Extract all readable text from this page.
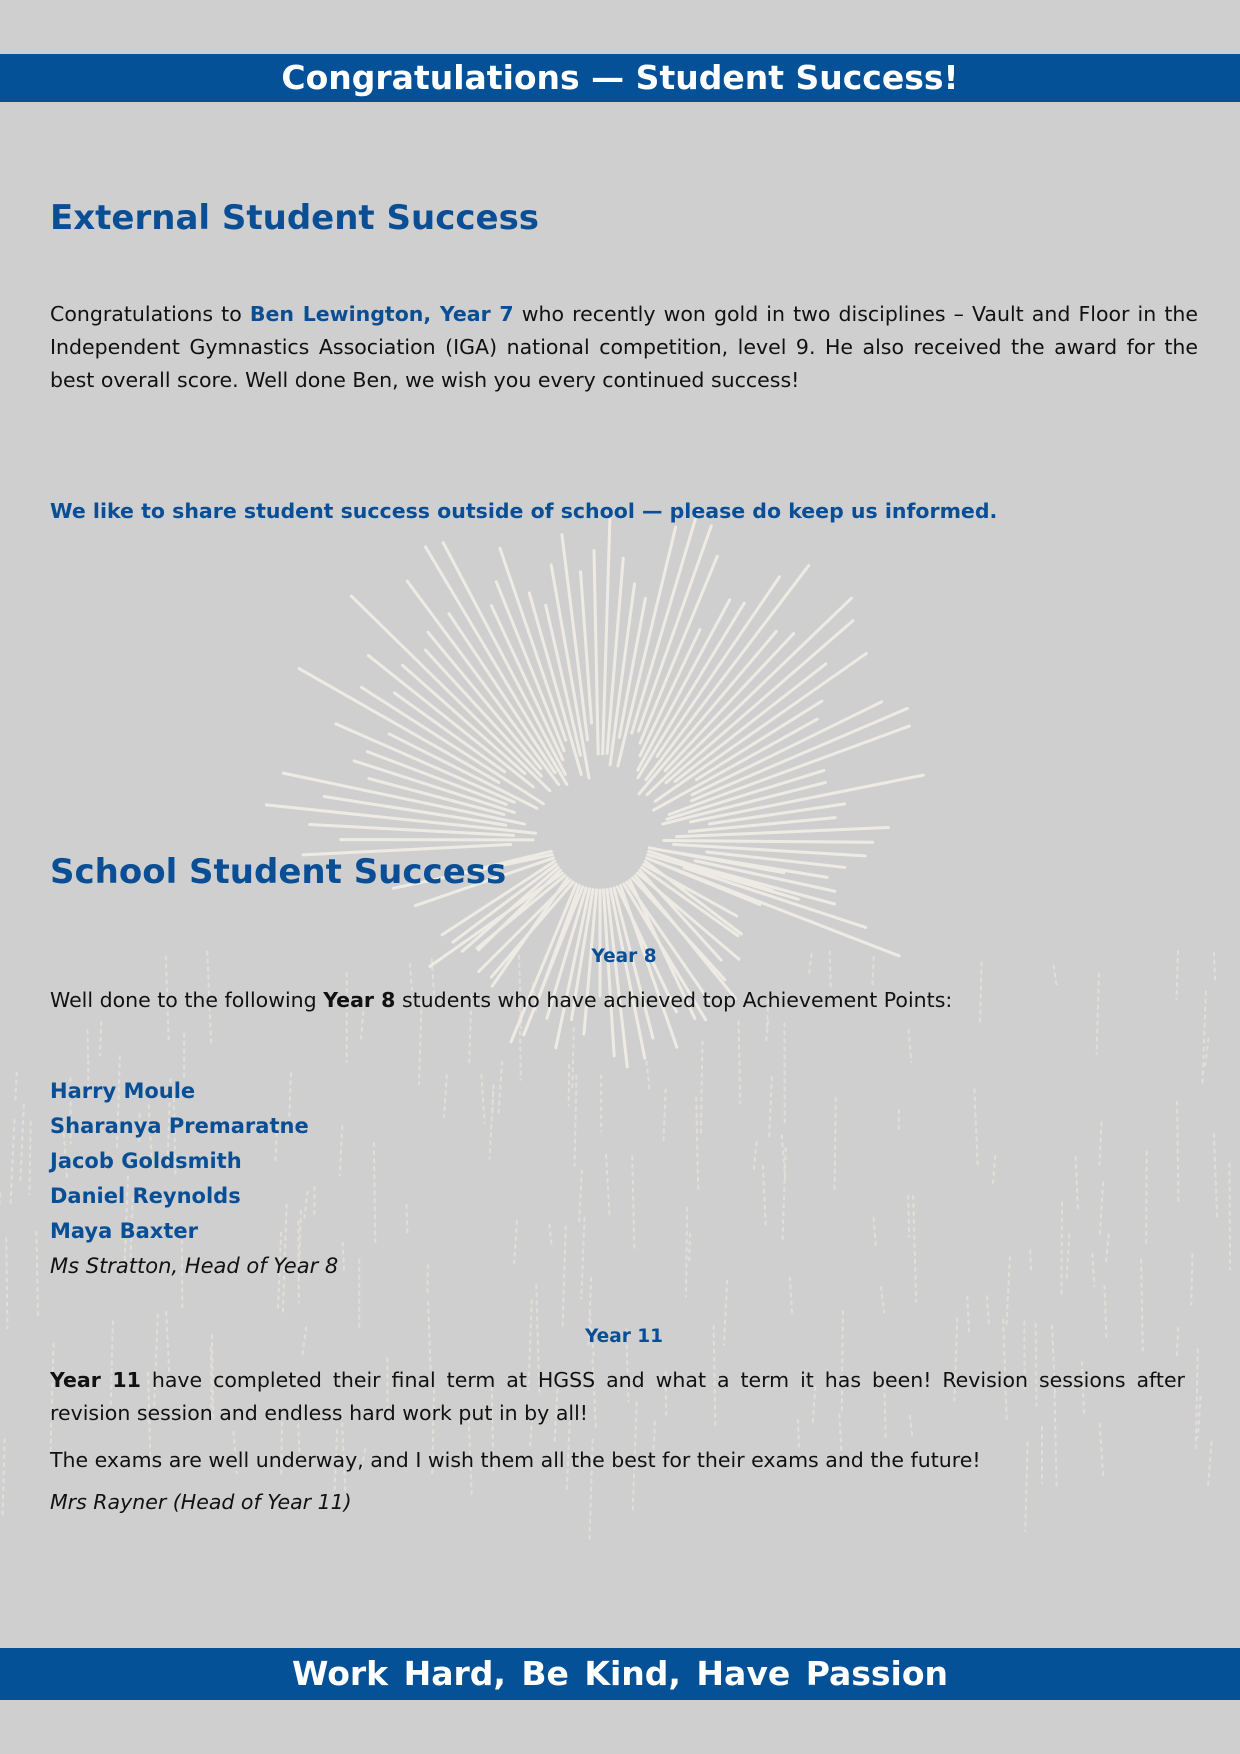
Congratulations — Student Success!
External Student Success

Congratulations to Ben Lewington, Year 7 who recently won gold in two disciplines – Vault and Floor in the Independent Gymnastics Association (IGA) national competition, level 9. He also received the award for the best overall score. Well done Ben, we wish you every continued success!

We like to share student success outside of school — please do keep us informed.
School Student Success
Year 8

Well done to the following Year 8 students who have achieved top Achievement Points:

Harry Moule
Sharanya Premaratne
Jacob Goldsmith
Daniel Reynolds
Maya Baxter
Ms Stratton, Head of Year 8
Year 11

Year 11 have completed their final term at HGSS and what a term it has been! Revision sessions after revision session and endless hard work put in by all!

The exams are well underway, and I wish them all the best for their exams and the future!

Mrs Rayner (Head of Year 11)
Work Hard, Be Kind, Have Passion
